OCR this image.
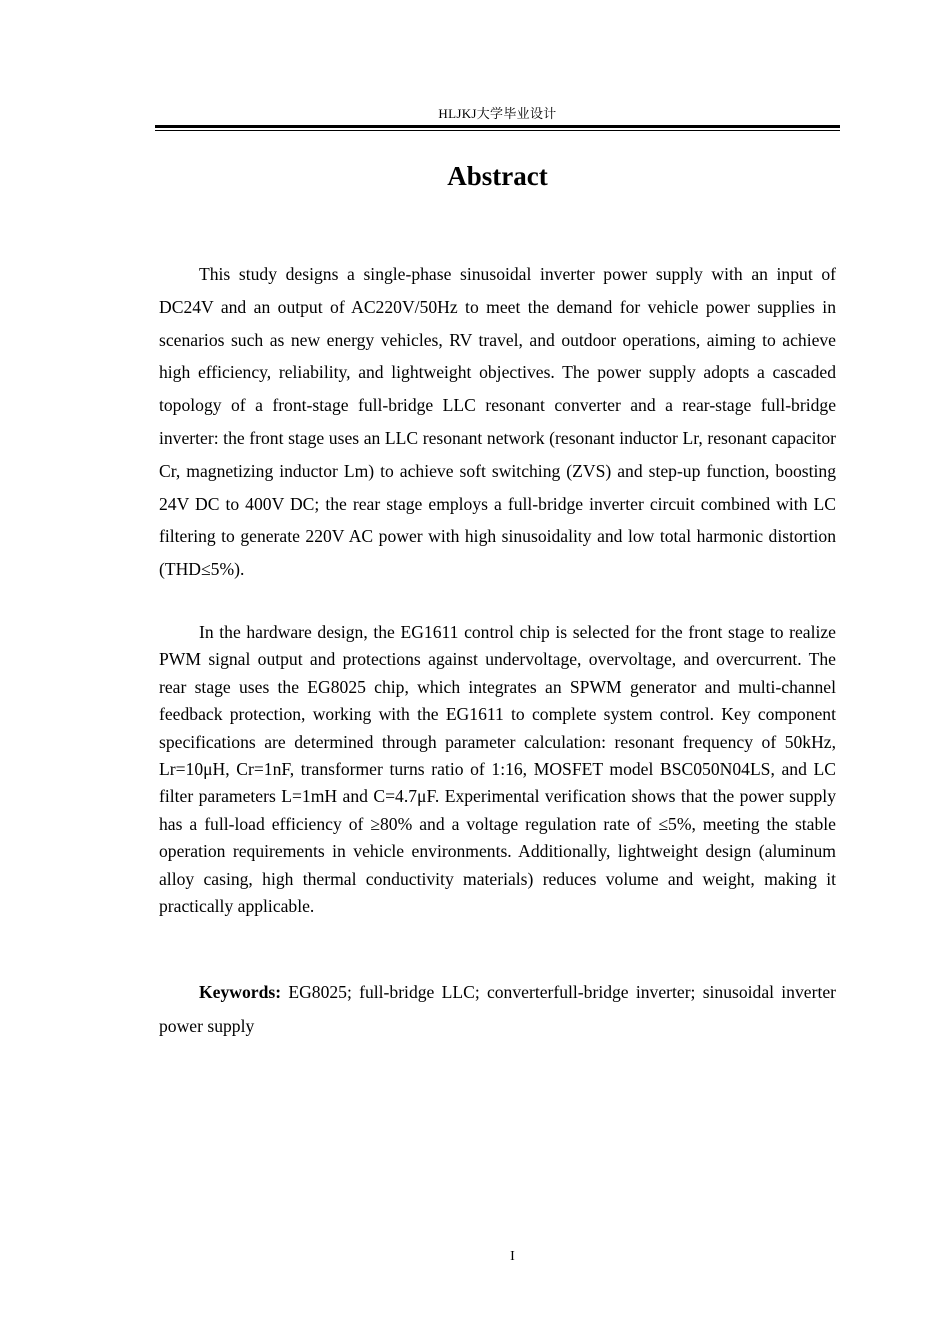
HLJKJ大学毕业设计
Abstract

This study designs a single-phase sinusoidal inverter power supply with an input of DC24V and an output of AC220V/50Hz to meet the demand for vehicle power supplies in scenarios such as new energy vehicles, RV travel, and outdoor operations, aiming to achieve high efficiency, reliability, and lightweight objectives. The power supply adopts a cascaded topology of a front-stage full-bridge LLC resonant converter and a rear-stage full-bridge inverter: the front stage uses an LLC resonant network (resonant inductor Lr, resonant capacitor Cr, magnetizing inductor Lm) to achieve soft switching (ZVS) and step-up function, boosting 24V DC to 400V DC; the rear stage employs a full-bridge inverter circuit combined with LC filtering to generate 220V AC power with high sinusoidality and low total harmonic distortion (THD≤5%).

In the hardware design, the EG1611 control chip is selected for the front stage to realize PWM signal output and protections against undervoltage, overvoltage, and overcurrent. The rear stage uses the EG8025 chip, which integrates an SPWM generator and multi-channel feedback protection, working with the EG1611 to complete system control. Key component specifications are determined through parameter calculation: resonant frequency of 50kHz, Lr=10μH, Cr=1nF, transformer turns ratio of 1:16, MOSFET model BSC050N04LS, and LC filter parameters L=1mH and C=4.7μF. Experimental verification shows that the power supply has a full-load efficiency of ≥80% and a voltage regulation rate of ≤5%, meeting the stable operation requirements in vehicle environments. Additionally, lightweight design (aluminum alloy casing, high thermal conductivity materials) reduces volume and weight, making it practically applicable.

Keywords: EG8025; full-bridge LLC; converterfull-bridge inverter; sinusoidal inverter power supply

I
